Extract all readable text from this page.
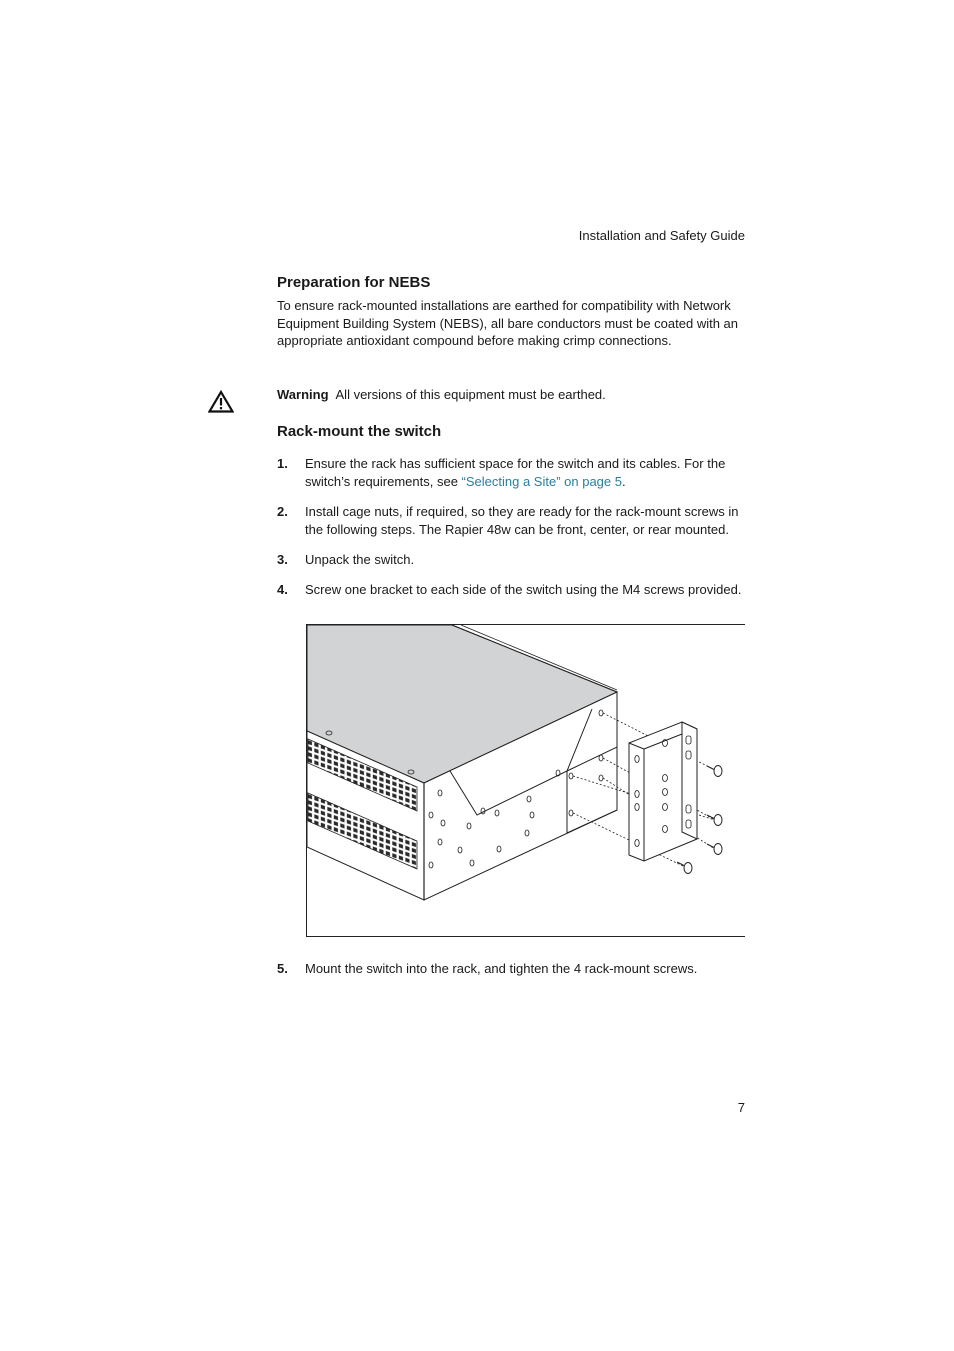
Installation and Safety Guide
Preparation for NEBS

To ensure rack-mounted installations are earthed for compatibility with Network Equipment Building System (NEBS), all bare conductors must be coated with an appropriate antioxidant compound before making crimp connections.

Warning All versions of this equipment must be earthed.
Rack-mount the switch
1. Ensure the rack has sufficient space for the switch and its cables. For the switch’s requirements, see “Selecting a Site” on page 5.
2. Install cage nuts, if required, so they are ready for the rack-mount screws in the following steps. The Rapier 48w can be front, center, or rear mounted.
3. Unpack the switch.
4. Screw one bracket to each side of the switch using the M4 screws provided.
5. Mount the switch into the rack, and tighten the 4 rack-mount screws.
7
